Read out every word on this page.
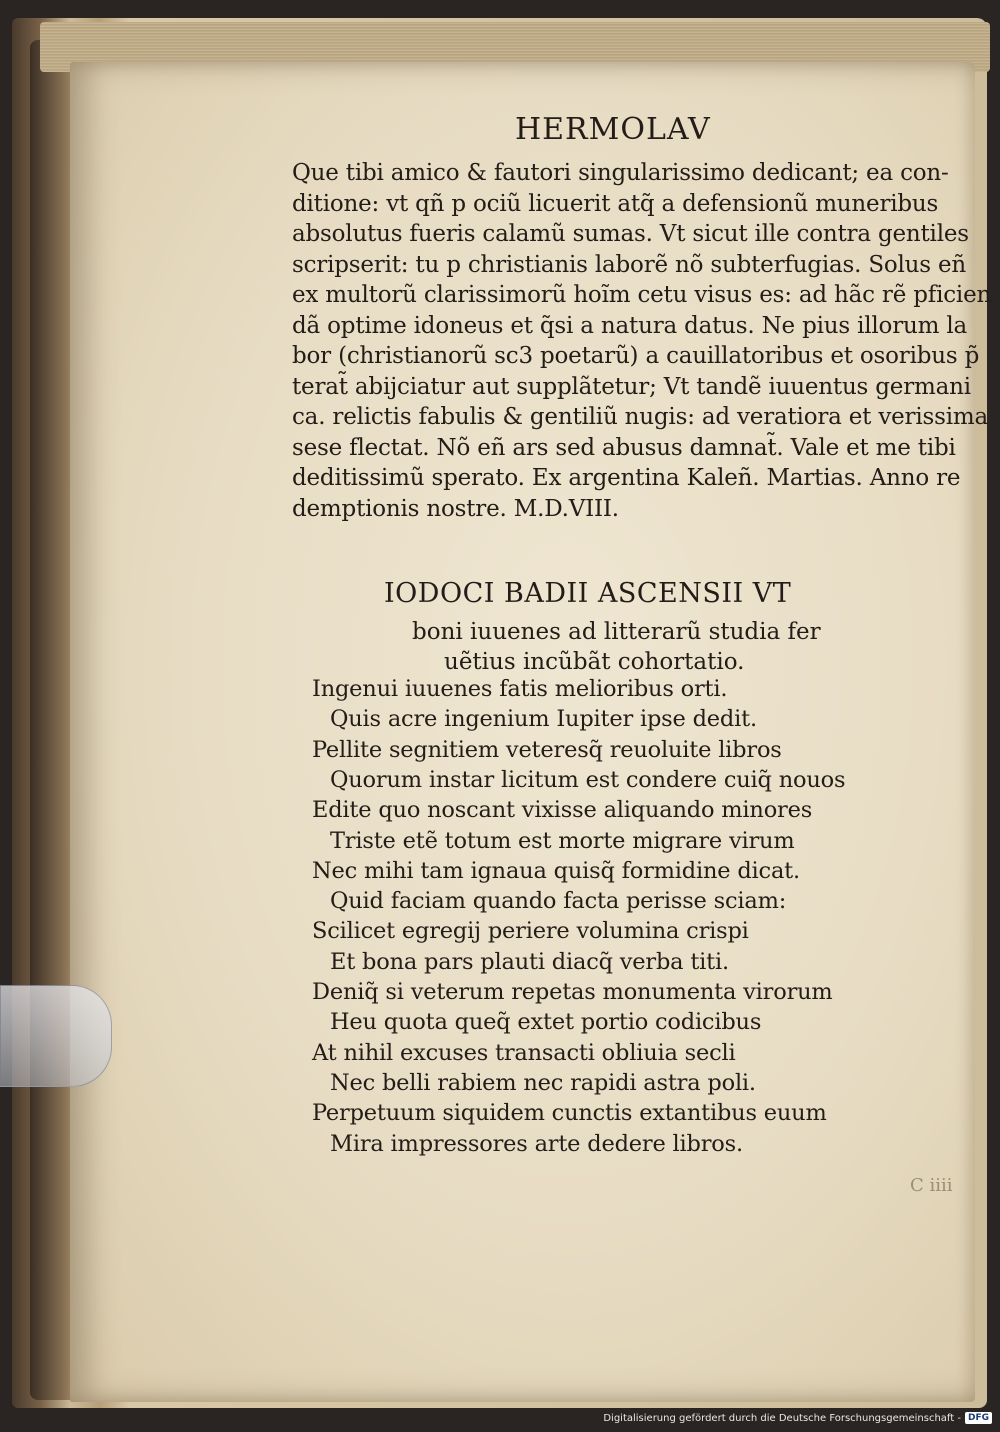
HERMOLAV
Que tibi amico & fautori singularissimo dedicant; ea con-
ditione: vt qñ p ociũ licuerit atq̃ a defensionũ muneribus
absolutus fueris calamũ sumas. Vt sicut ille contra gentiles
scripserit: tu p christianis laborẽ nõ subterfugias. Solus eñ
ex multorũ clarissimorũ hoĩm cetu visus es: ad hãc rẽ pficien
dã optime idoneus et q̃si a natura datus. Ne pius illorum la
bor (christianorũ sc3 poetarũ) a cauillatoribus et osoribus p̃
terat̃ abijciatur aut supplãtetur; Vt tandẽ iuuentus germani
ca. relictis fabulis & gentiliũ nugis: ad veratiora et verissima
sese flectat. Nõ eñ ars sed abusus damnat̃. Vale et me tibi
deditissimũ sperato. Ex argentina Kaleñ. Martias. Anno re
demptionis nostre. M.D.VIII.
IODOCI BADII ASCENSII VT
boni iuuenes ad litterarũ studia fer
uẽtius incũbãt cohortatio.
Ingenui iuuenes fatis melioribus orti.
Quis acre ingenium Iupiter ipse dedit.
Pellite segnitiem veteresq̃ reuoluite libros
Quorum instar licitum est condere cuiq̃ nouos
Edite quo noscant vixisse aliquando minores
Triste etẽ totum est morte migrare virum
Nec mihi tam ignaua quisq̃ formidine dicat.
Quid faciam quando facta perisse sciam:
Scilicet egregij periere volumina crispi
Et bona pars plauti diacq̃ verba titi.
Deniq̃ si veterum repetas monumenta virorum
Heu quota queq̃ extet portio codicibus
At nihil excuses transacti obliuia secli
Nec belli rabiem nec rapidi astra poli.
Perpetuum siquidem cunctis extantibus euum
Mira impressores arte dedere libros.
C iiii
Digitalisierung gefördert durch die Deutsche Forschungsgemeinschaft - DFG
